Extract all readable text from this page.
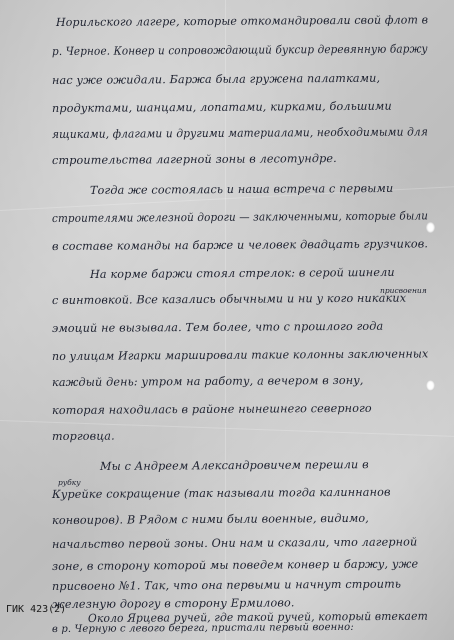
Норильского лагере, которые откомандировали свой флот в
р. Черное. Конвер и сопровождающий буксир деревянную баржу
нас уже ожидали. Баржа была гружена палатками,
продуктами, шанцами, лопатами, кирками, большими
ящиками, флагами и другими материалами, необходимыми для
строительства лагерной зоны в лесотундре.
Тогда же состоялась и наша встреча с первыми
строителями железной дороги — заключенными, которые были
в составе команды на барже и человек двадцать грузчиков.
На корме баржи стоял стрелок: в серой шинели
с винтовкой. Все казались обычными и ни у кого никаких
эмоций не вызывала. Тем более, что с прошлого года
по улицам Игарки маршировали такие колонны заключенных
каждый день: утром на работу, а вечером в зону,
которая находилась в районе нынешнего северного
торговца.
Мы с Андреем Александровичем перешли в
Курейке сокращение (так называли тогда калиннанов
конвоиров). В Рядом с ними были военные, видимо,
начальство первой зоны. Они нам и сказали, что лагерной
зоне, в сторону которой мы поведем конвер и баржу, уже
присвоено №1. Так, что она первыми и начнут строить
железную дорогу в сторону Ермилово.
Около Ярцева ручей, где такой ручей, который втекает
в р. Черную с левого берега, пристали первый военно:
присвоения
рубку
ГИК 423(2)
